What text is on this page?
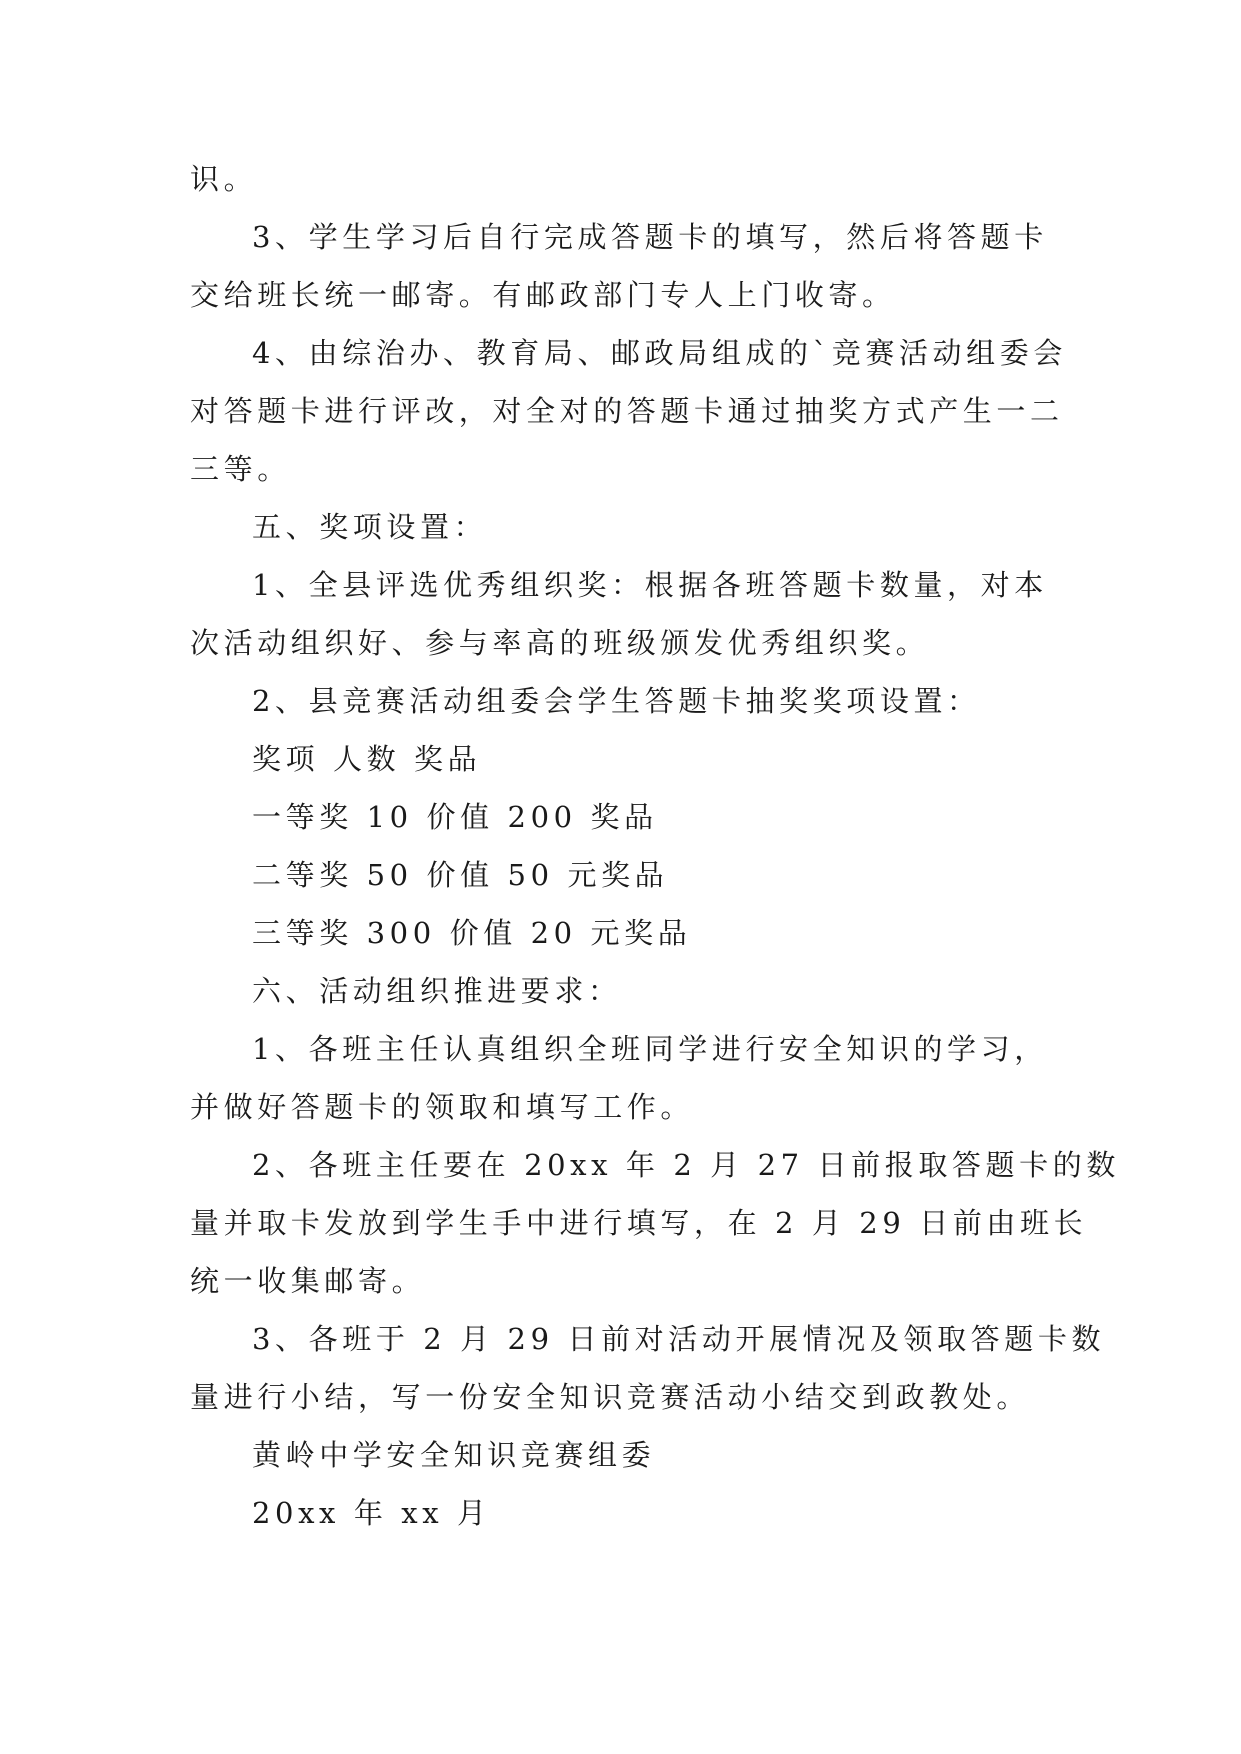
识。

3、学生学习后自行完成答题卡的填写，然后将答题卡

交给班长统一邮寄。有邮政部门专人上门收寄。

4、由综治办、教育局、邮政局组成的`竞赛活动组委会

对答题卡进行评改，对全对的答题卡通过抽奖方式产生一二

三等。

五、奖项设置：

1、全县评选优秀组织奖：根据各班答题卡数量，对本

次活动组织好、参与率高的班级颁发优秀组织奖。

2、县竞赛活动组委会学生答题卡抽奖奖项设置：

奖项 人数 奖品

一等奖 10 价值 200 奖品

二等奖 50 价值 50 元奖品

三等奖 300 价值 20 元奖品

六、活动组织推进要求：

1、各班主任认真组织全班同学进行安全知识的学习，

并做好答题卡的领取和填写工作。

2、各班主任要在 20xx 年 2 月 27 日前报取答题卡的数

量并取卡发放到学生手中进行填写，在 2 月 29 日前由班长

统一收集邮寄。

3、各班于 2 月 29 日前对活动开展情况及领取答题卡数

量进行小结，写一份安全知识竞赛活动小结交到政教处。

黄岭中学安全知识竞赛组委

20xx 年 xx 月
